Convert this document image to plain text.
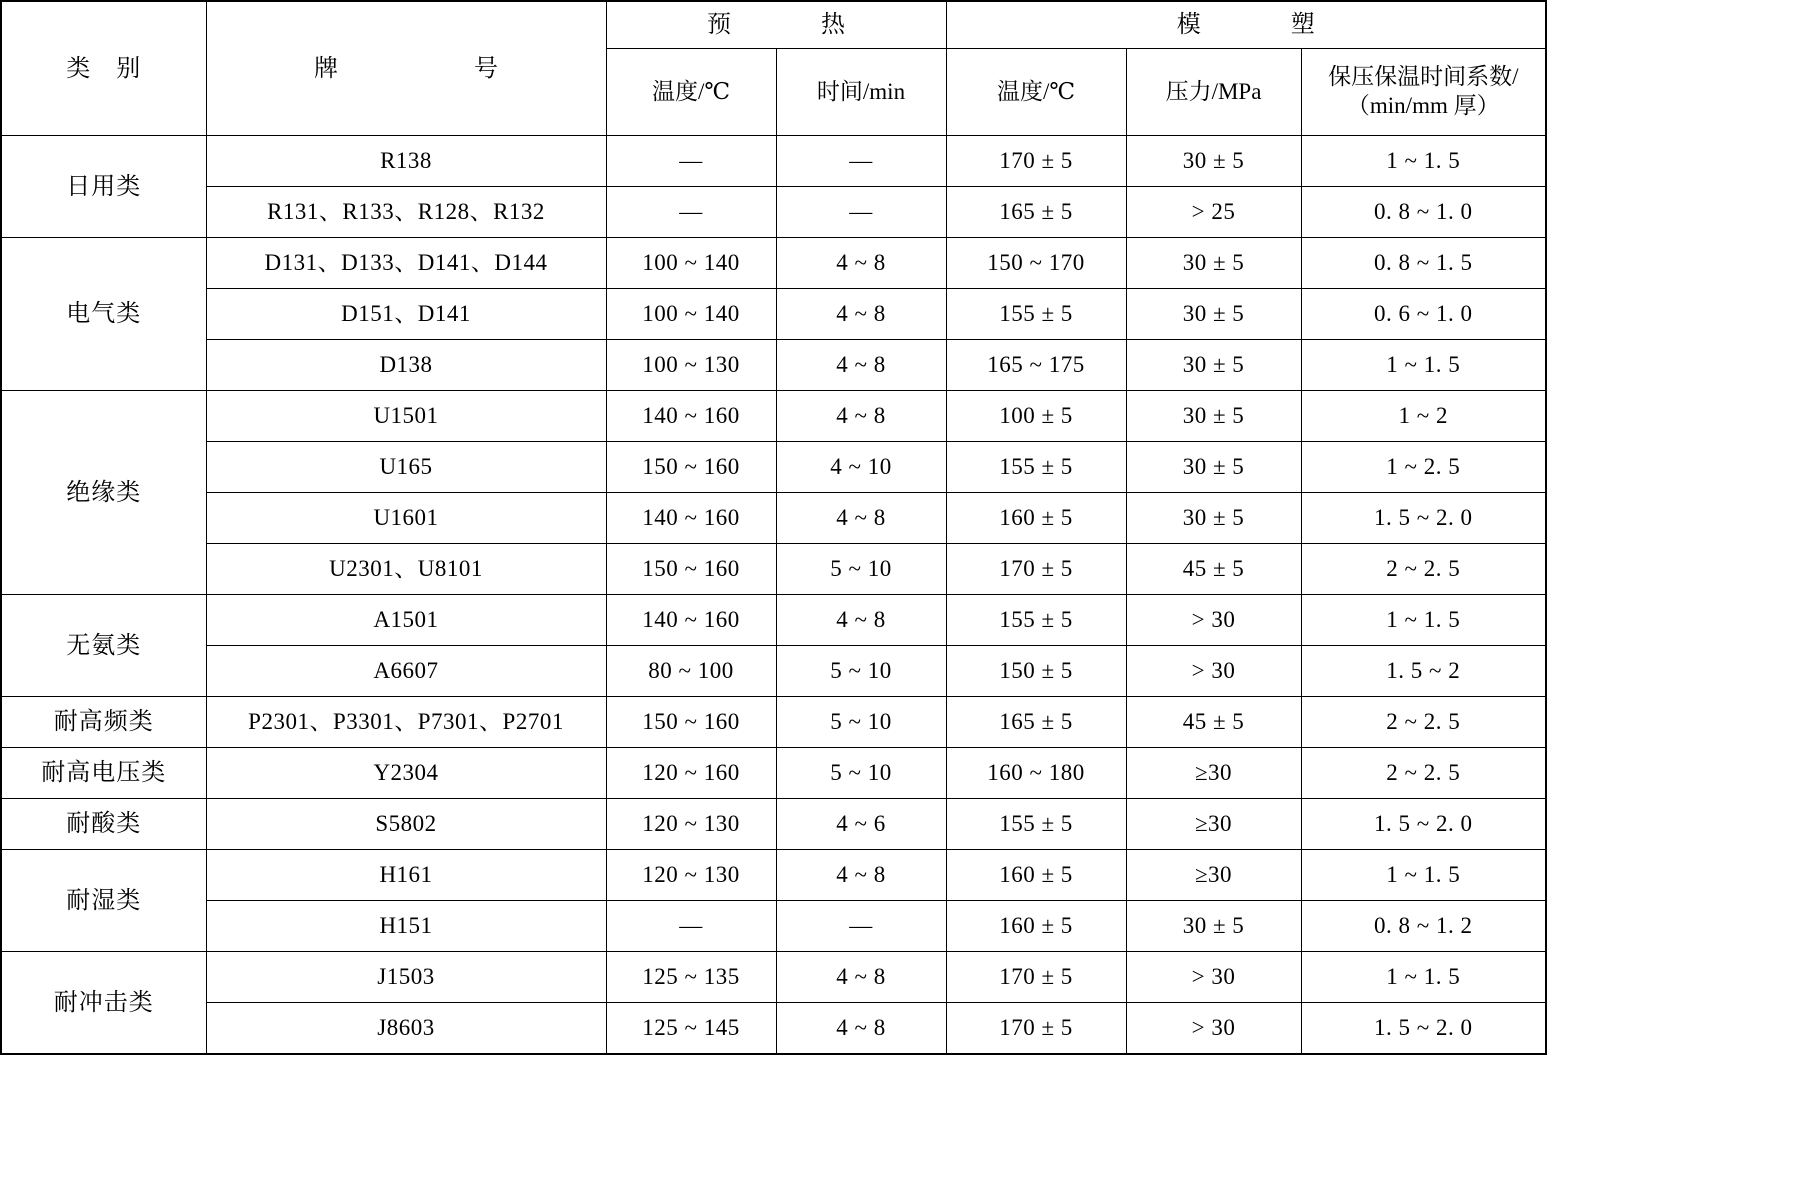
类　别	牌　　　号	预　　热		模　　塑		
		温度/℃	时间/min	温度/℃	压力/MPa	保压保温时间系数/
（min/mm 厚）

日用类	R138	—	—	170 ± 5	30 ± 5	1 ~ 1. 5
	R131、R133、R128、R132	—	—	165 ± 5	> 25	0. 8 ~ 1. 0
电气类	D131、D133、D141、D144	100 ~ 140	4 ~ 8	150 ~ 170	30 ± 5	0. 8 ~ 1. 5
	D151、D141	100 ~ 140	4 ~ 8	155 ± 5	30 ± 5	0. 6 ~ 1. 0
	D138	100 ~ 130	4 ~ 8	165 ~ 175	30 ± 5	1 ~ 1. 5
绝缘类	U1501	140 ~ 160	4 ~ 8	100 ± 5	30 ± 5	1 ~ 2
	U165	150 ~ 160	4 ~ 10	155 ± 5	30 ± 5	1 ~ 2. 5
	U1601	140 ~ 160	4 ~ 8	160 ± 5	30 ± 5	1. 5 ~ 2. 0
	U2301、U8101	150 ~ 160	5 ~ 10	170 ± 5	45 ± 5	2 ~ 2. 5
无氨类	A1501	140 ~ 160	4 ~ 8	155 ± 5	> 30	1 ~ 1. 5
	A6607	80 ~ 100	5 ~ 10	150 ± 5	> 30	1. 5 ~ 2
耐高频类	P2301、P3301、P7301、P2701	150 ~ 160	5 ~ 10	165 ± 5	45 ± 5	2 ~ 2. 5
耐高电压类	Y2304	120 ~ 160	5 ~ 10	160 ~ 180	≥30	2 ~ 2. 5
耐酸类	S5802	120 ~ 130	4 ~ 6	155 ± 5	≥30	1. 5 ~ 2. 0
耐湿类	H161	120 ~ 130	4 ~ 8	160 ± 5	≥30	1 ~ 1. 5
	H151	—	—	160 ± 5	30 ± 5	0. 8 ~ 1. 2
耐冲击类	J1503	125 ~ 135	4 ~ 8	170 ± 5	> 30	1 ~ 1. 5
	J8603	125 ~ 145	4 ~ 8	170 ± 5	> 30	1. 5 ~ 2. 0
